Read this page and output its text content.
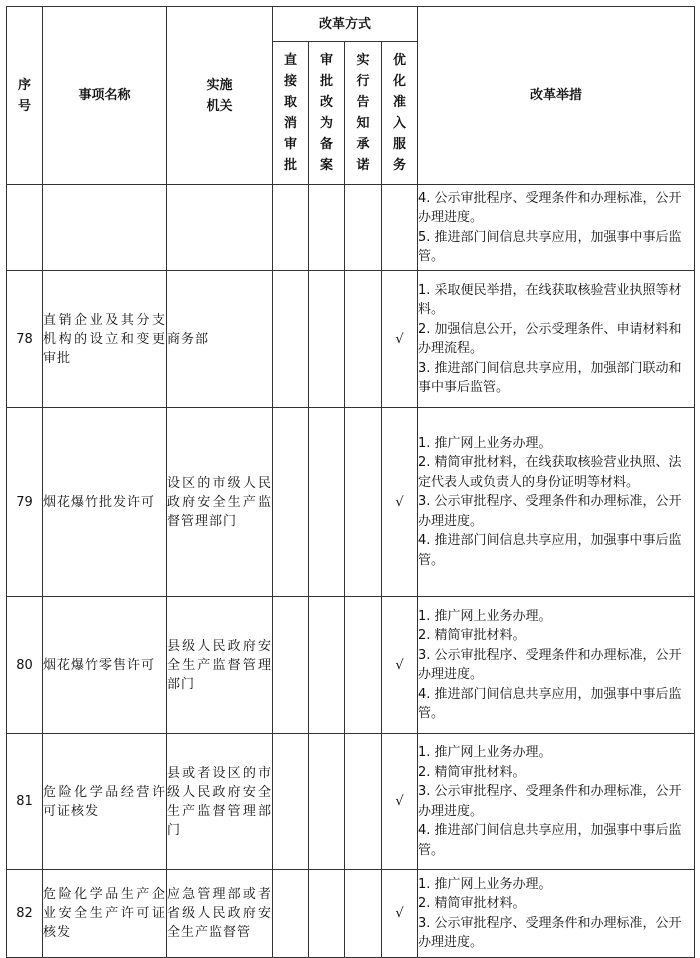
序号	事项名称	实施机关	改革方式				改革举措
			直接取消审批	审批改为备案	实行告知承诺	优化准入服务	

							4. 公示审批程序、受理条件和办理标准，公开办理进度。
5. 推进部门间信息共享应用，加强事中事后监管。

78	直销企业及其分支机构的设立和变更审批	商务部				√	1. 采取便民举措，在线获取核验营业执照等材料。
2. 加强信息公开，公示受理条件、申请材料和办理流程。
3. 推进部门间信息共享应用，加强部门联动和事中事后监管。

79	烟花爆竹批发许可	设区的市级人民政府安全生产监督管理部门				√	1. 推广网上业务办理。
2. 精简审批材料，在线获取核验营业执照、法定代表人或负责人的身份证明等材料。
3. 公示审批程序、受理条件和办理标准，公开办理进度。
4. 推进部门间信息共享应用，加强事中事后监管。

80	烟花爆竹零售许可	县级人民政府安全生产监督管理部门				√	1. 推广网上业务办理。
2. 精简审批材料。
3. 公示审批程序、受理条件和办理标准，公开办理进度。
4. 推进部门间信息共享应用，加强事中事后监管。

81	危险化学品经营许可证核发	县或者设区的市级人民政府安全生产监督管理部门				√	1. 推广网上业务办理。
2. 精简审批材料。
3. 公示审批程序、受理条件和办理标准，公开办理进度。
4. 推进部门间信息共享应用，加强事中事后监管。

82	危险化学品生产企业安全生产许可证核发	应急管理部或者省级人民政府安全生产监督管				√	1. 推广网上业务办理。
2. 精简审批材料。
3. 公示审批程序、受理条件和办理标准，公开办理进度。
